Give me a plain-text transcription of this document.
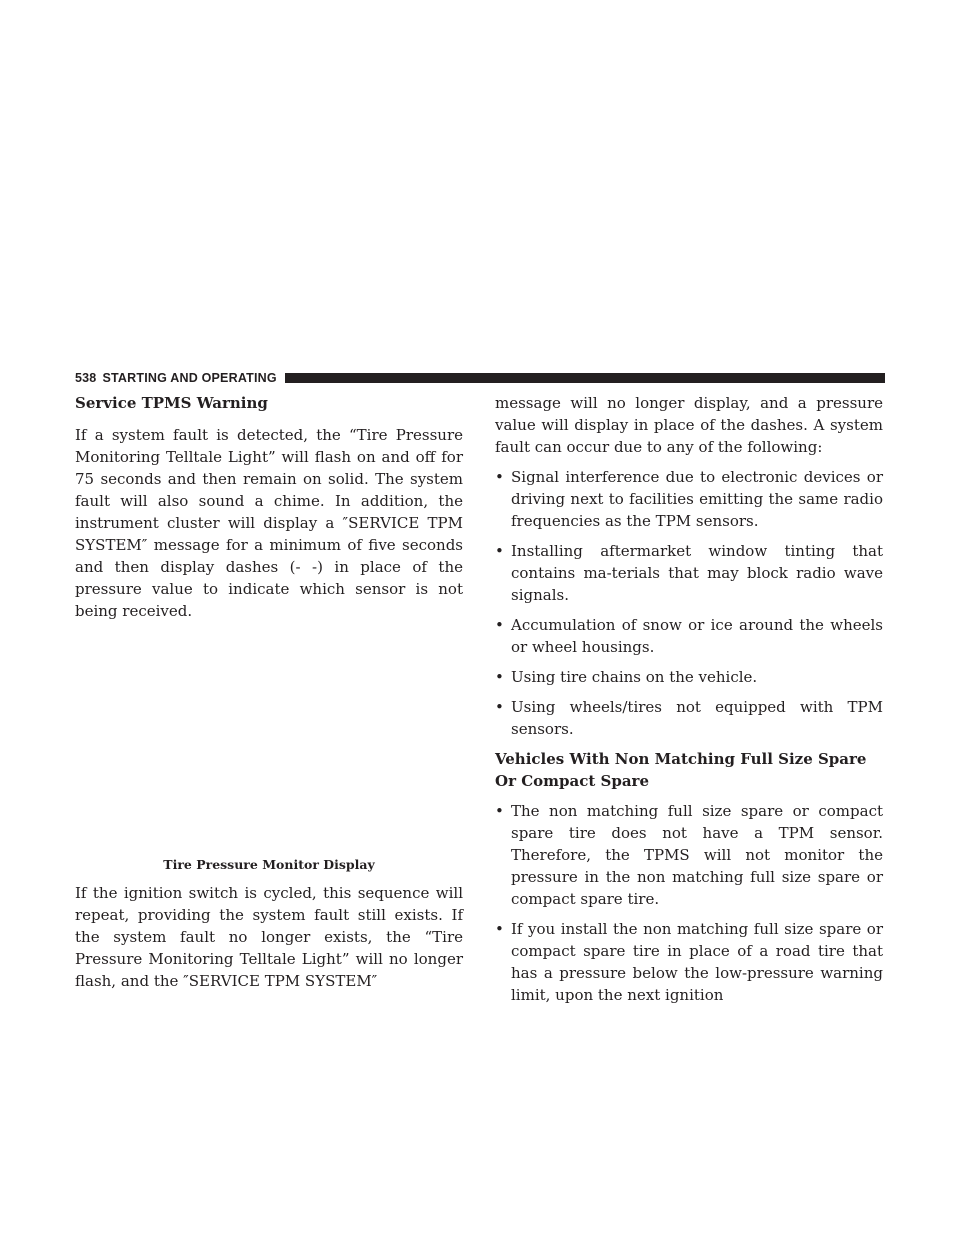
538 STARTING AND OPERATING
Service TPMS Warning

If a system fault is detected, the “Tire Pressure Monitoring Telltale Light” will flash on and off for 75 seconds and then remain on solid. The system fault will also sound a chime. In addition, the instrument cluster will display a ″SERVICE TPM SYSTEM″ message for a minimum of five seconds and then display dashes (- -) in place of the pressure value to indicate which sensor is not being received.

Tire Pressure Monitor Display

If the ignition switch is cycled, this sequence will repeat, providing the system fault still exists. If the system fault no longer exists, the “Tire Pressure Monitoring Telltale Light” will no longer flash, and the ″SERVICE TPM SYSTEM″

message will no longer display, and a pressure value will display in place of the dashes. A system fault can occur due to any of the following:

• Signal interference due to electronic devices or driving next to facilities emitting the same radio frequencies as the TPM sensors.
• Installing aftermarket window tinting that contains ma-terials that may block radio wave signals.
• Accumulation of snow or ice around the wheels or wheel housings.
• Using tire chains on the vehicle.
• Using wheels/tires not equipped with TPM sensors.
Vehicles With Non Matching Full Size Spare Or Compact Spare
• The non matching full size spare or compact spare tire does not have a TPM sensor. Therefore, the TPMS will not monitor the pressure in the non matching full size spare or compact spare tire.
• If you install the non matching full size spare or compact spare tire in place of a road tire that has a pressure below the low-pressure warning limit, upon the next ignition
